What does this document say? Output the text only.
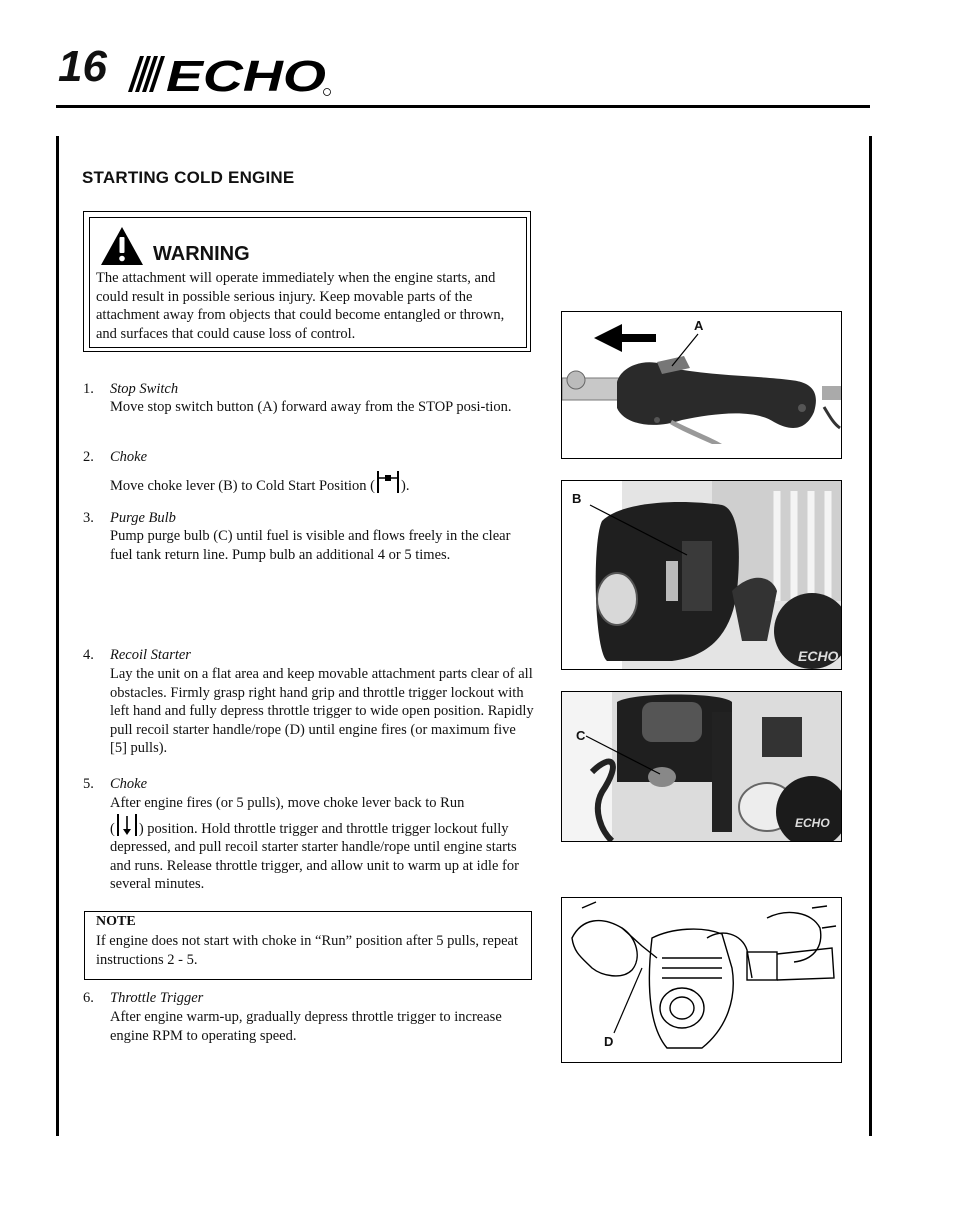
16 ECHO
STARTING COLD ENGINE
WARNING
The attachment will operate immediately when the engine starts, and could result in possible serious injury. Keep movable parts of the attachment away from objects that could become entangled or thrown, and surfaces that could cause loss of control.
1. Stop Switch
Move stop switch button (A) forward away from the STOP posi-tion.
2. Choke
Move choke lever (B) to Cold Start Position ( ).
3. Purge Bulb
Pump purge bulb (C) until fuel is visible and flows freely in the clear fuel tank return line. Pump bulb an additional 4 or 5 times.
4. Recoil Starter
Lay the unit on a flat area and keep movable attachment parts clear of all obstacles. Firmly grasp right hand grip and throttle trigger lockout with left hand and fully depress throttle trigger to wide open position. Rapidly pull recoil starter handle/rope (D) until engine fires (or maximum five [5] pulls).
5. Choke
After engine fires (or 5 pulls), move choke lever back to Run
( ) position. Hold throttle trigger and throttle trigger lockout fully depressed, and pull recoil starter starter handle/rope until engine starts and runs. Release throttle trigger, and allow unit to warm up at idle for several minutes.
NOTE
If engine does not start with choke in “Run” position after 5 pulls, repeat instructions 2 - 5.
6. Throttle Trigger
After engine warm-up, gradually depress throttle trigger to increase engine RPM to operating speed.
A
ECHO
B
ECHO
C
D
